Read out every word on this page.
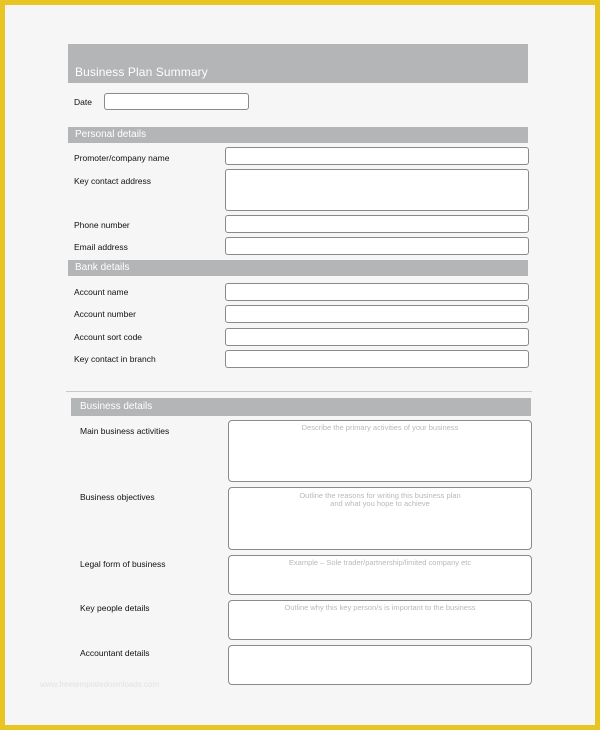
Business Plan Summary
Date
Personal details
Promoter/company name
Key contact address
Phone number
Email address
Bank details
Account name
Account number
Account sort code
Key contact in branch
Business details
Main business activities	Describe the primary activities of your business
Business objectives	Outline the reasons for writing this business plan
and what you hope to achieve
Legal form of business	Example – Sole trader/partnership/limited company etc
Key people details	Outline why this key person/s is important to the business
Accountant details
www.freetemplatedownloads.com
